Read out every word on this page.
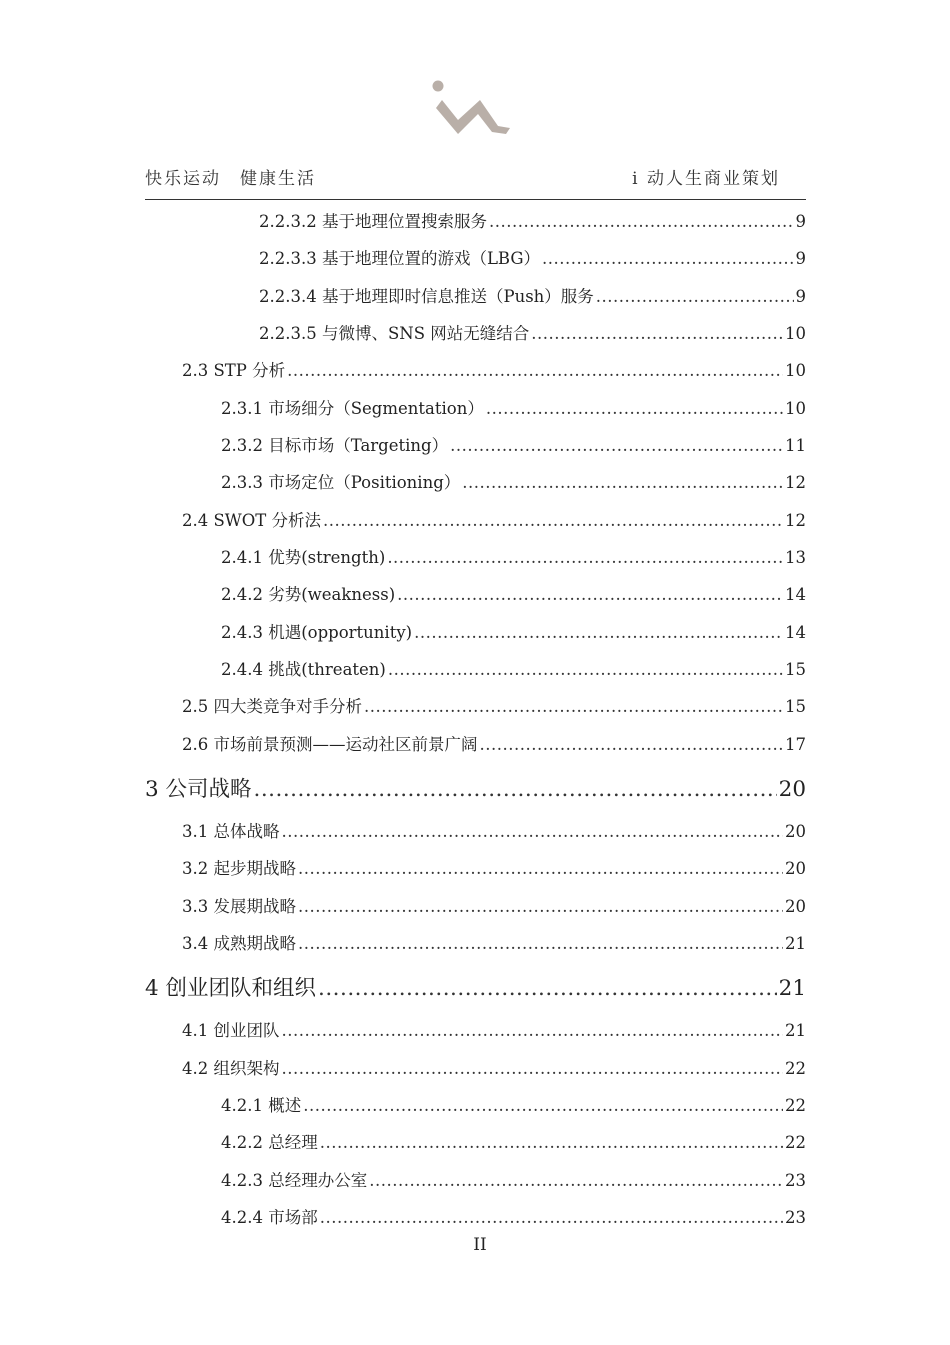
快乐运动　健康生活	i 动人生商业策划
2.2.3.2 基于地理位置搜索服务 .....	9
2.2.3.3 基于地理位置的游戏（LBG） .....	9
2.2.3.4 基于地理即时信息推送（Push）服务 .....	9
2.2.3.5 与微博、SNS 网站无缝结合 .....	10
2.3 STP 分析 .....	10
2.3.1 市场细分（Segmentation） .....	10
2.3.2 目标市场（Targeting） .....	11
2.3.3 市场定位（Positioning） .....	12
2.4 SWOT 分析法 .....	12
2.4.1 优势(strength) .....	13
2.4.2 劣势(weakness) .....	14
2.4.3 机遇(opportunity) .....	14
2.4.4 挑战(threaten) .....	15
2.5 四大类竞争对手分析 .....	15
2.6 市场前景预测——运动社区前景广阔 .....	17
3 公司战略 .....	20
3.1 总体战略 .....	20
3.2 起步期战略 .....	20
3.3 发展期战略 .....	20
3.4 成熟期战略 .....	21
4 创业团队和组织 .....	21
4.1 创业团队 .....	21
4.2 组织架构 .....	22
4.2.1 概述 .....	22
4.2.2 总经理 .....	22
4.2.3 总经理办公室 .....	23
4.2.4 市场部 .....	23
II
